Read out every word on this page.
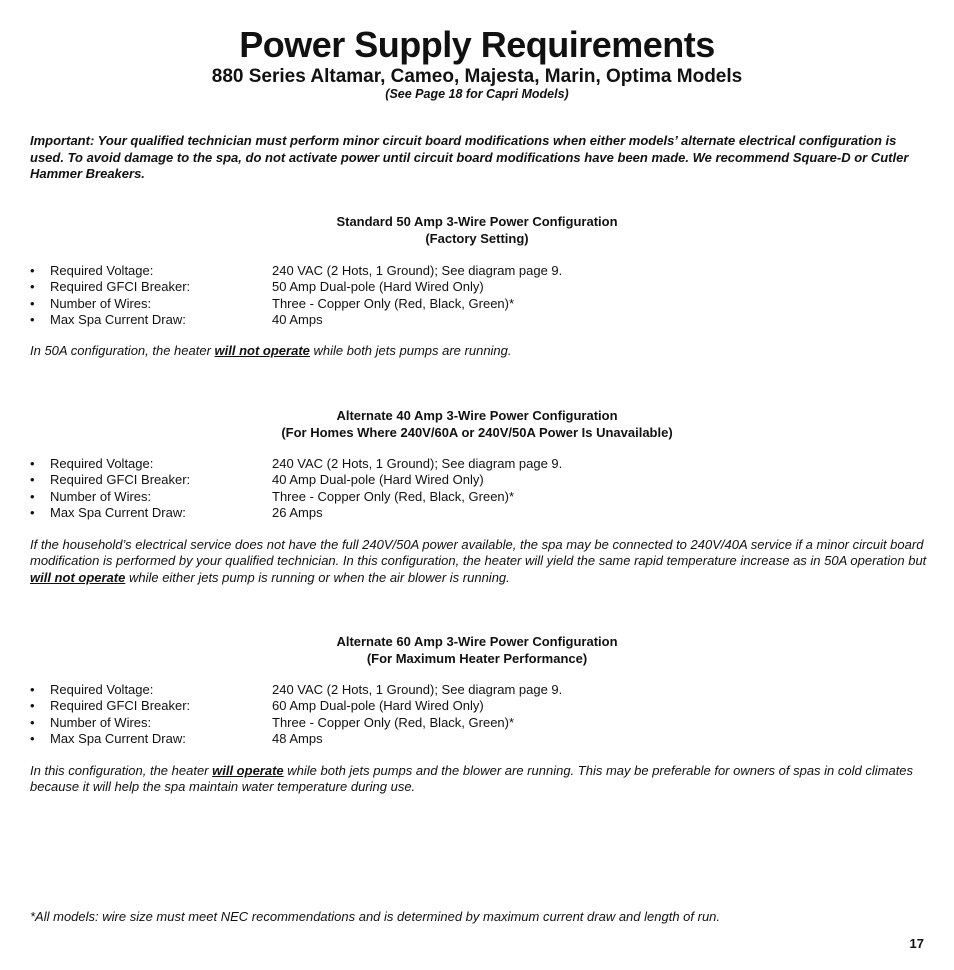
Power Supply Requirements
880 Series Altamar, Cameo, Majesta, Marin, Optima Models
(See Page 18 for Capri Models)
Important: Your qualified technician must perform minor circuit board modifications when either models’ alternate electrical configuration is used. To avoid damage to the spa, do not activate power until circuit board modifications have been made. We recommend Square-D or Cutler Hammer Breakers.
Standard 50 Amp 3-Wire Power Configuration
(Factory Setting)
• Required Voltage:	240 VAC (2 Hots, 1 Ground); See diagram page 9.
• Required GFCI Breaker:	50 Amp Dual-pole (Hard Wired Only)
• Number of Wires:	Three - Copper Only (Red, Black, Green)*
• Max Spa Current Draw:	40 Amps
In 50A configuration, the heater will not operate while both jets pumps are running.
Alternate 40 Amp 3-Wire Power Configuration
(For Homes Where 240V/60A or 240V/50A Power Is Unavailable)
• Required Voltage:	240 VAC (2 Hots, 1 Ground); See diagram page 9.
• Required GFCI Breaker:	40 Amp Dual-pole (Hard Wired Only)
• Number of Wires:	Three - Copper Only (Red, Black, Green)*
• Max Spa Current Draw:	26 Amps
If the household’s electrical service does not have the full 240V/50A power available, the spa may be connected to 240V/40A service if a minor circuit board modification is performed by your qualified technician. In this configuration, the heater will yield the same rapid temperature increase as in 50A operation but will not operate while either jets pump is running or when the air blower is running.
Alternate 60 Amp 3-Wire Power Configuration
(For Maximum Heater Performance)
• Required Voltage:	240 VAC (2 Hots, 1 Ground); See diagram page 9.
• Required GFCI Breaker:	60 Amp Dual-pole (Hard Wired Only)
• Number of Wires:	Three - Copper Only (Red, Black, Green)*
• Max Spa Current Draw:	48 Amps
In this configuration, the heater will operate while both jets pumps and the blower are running. This may be preferable for owners of spas in cold climates because it will help the spa maintain water temperature during use.
*All models: wire size must meet NEC recommendations and is determined by maximum current draw and length of run.
17
